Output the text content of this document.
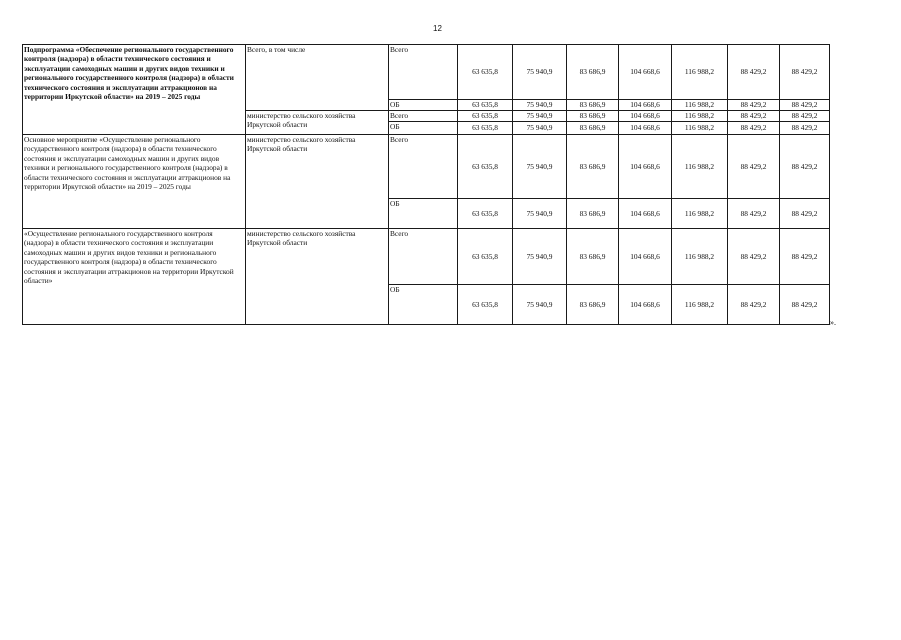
12
Подпрограмма «Обеспечение регионального государственного контроля (надзора) в области технического состояния и эксплуатации самоходных машин и других видов техники и регионального государственного контроля (надзора) в области технического состояния и эксплуатации аттракционов на территории Иркутской области» на 2019 – 2025 годы	Всего, в том числе	Всего	63 635,8	75 940,9	83 686,9	104 668,6	116 988,2	88 429,2	88 429,2
		ОБ	63 635,8	75 940,9	83 686,9	104 668,6	116 988,2	88 429,2	88 429,2
	министерство сельского хозяйства Иркутской области	Всего	63 635,8	75 940,9	83 686,9	104 668,6	116 988,2	88 429,2	88 429,2
		ОБ	63 635,8	75 940,9	83 686,9	104 668,6	116 988,2	88 429,2	88 429,2
Основное мероприятие «Осуществление регионального государственного контроля (надзора) в области технического состояния и эксплуатации самоходных машин и других видов техники и регионального государственного контроля (надзора) в области технического состояния и эксплуатации аттракционов на территории Иркутской области» на 2019 – 2025 годы	министерство сельского хозяйства Иркутской области	Всего	63 635,8	75 940,9	83 686,9	104 668,6	116 988,2	88 429,2	88 429,2
		ОБ	63 635,8	75 940,9	83 686,9	104 668,6	116 988,2	88 429,2	88 429,2
«Осуществление регионального государственного контроля (надзора) в области технического состояния и эксплуатации самоходных машин и других видов техники и регионального государственного контроля (надзора) в области технического состояния и эксплуатации аттракционов на территории Иркутской области»	министерство сельского хозяйства Иркутской области	Всего	63 635,8	75 940,9	83 686,9	104 668,6	116 988,2	88 429,2	88 429,2
		ОБ	63 635,8	75 940,9	83 686,9	104 668,6	116 988,2	88 429,2	88 429,2
».
